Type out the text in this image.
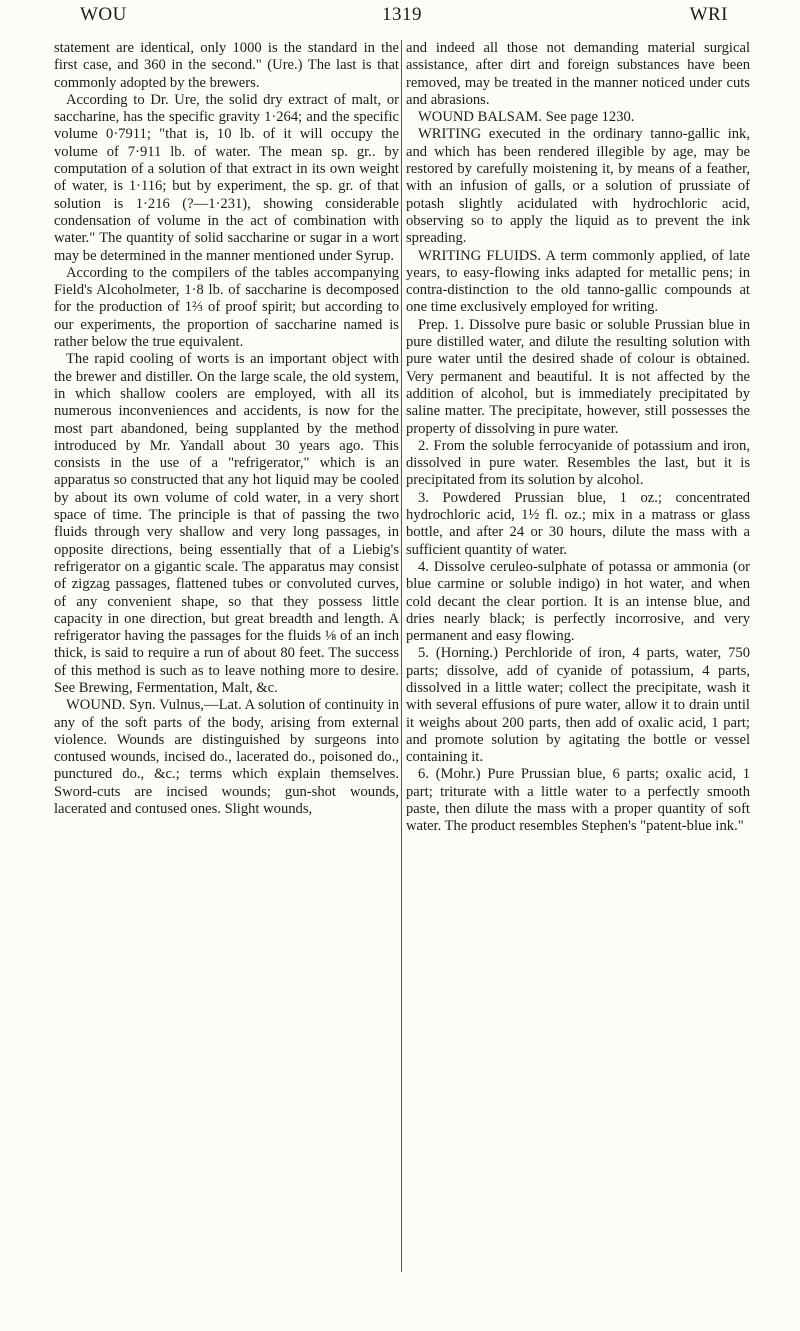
WOU	1319	WRI

statement are identical, only 1000 is the standard in the first case, and 360 in the second." (Ure.) The last is that commonly adopted by the brewers.

According to Dr. Ure, the solid dry extract of malt, or saccharine, has the specific gravity 1·264; and the specific volume 0·7911; "that is, 10 lb. of it will occupy the volume of 7·911 lb. of water. The mean sp. gr.. by computation of a solution of that extract in its own weight of water, is 1·116; but by experiment, the sp. gr. of that solution is 1·216 (?—1·231), showing considerable condensation of volume in the act of combination with water." The quantity of solid saccharine or sugar in a wort may be determined in the manner mentioned under Syrup.

According to the compilers of the tables accompanying Field's Alcoholmeter, 1·8 lb. of saccharine is decomposed for the production of 1⅔ of proof spirit; but according to our experiments, the proportion of saccharine named is rather below the true equivalent.

The rapid cooling of worts is an important object with the brewer and distiller. On the large scale, the old system, in which shallow coolers are employed, with all its numerous inconveniences and accidents, is now for the most part abandoned, being supplanted by the method introduced by Mr. Yandall about 30 years ago. This consists in the use of a "refrigerator," which is an apparatus so constructed that any hot liquid may be cooled by about its own volume of cold water, in a very short space of time. The principle is that of passing the two fluids through very shallow and very long passages, in opposite directions, being essentially that of a Liebig's refrigerator on a gigantic scale. The apparatus may consist of zigzag passages, flattened tubes or convoluted curves, of any convenient shape, so that they possess little capacity in one direction, but great breadth and length. A refrigerator having the passages for the fluids ⅛ of an inch thick, is said to require a run of about 80 feet. The success of this method is such as to leave nothing more to desire. See Brewing, Fermentation, Malt, &c.

WOUND. Syn. Vulnus,—Lat. A solution of continuity in any of the soft parts of the body, arising from external violence. Wounds are distinguished by surgeons into contused wounds, incised do., lacerated do., poisoned do., punctured do., &c.; terms which explain themselves. Sword-cuts are incised wounds; gun-shot wounds, lacerated and contused ones. Slight wounds,

and indeed all those not demanding material surgical assistance, after dirt and foreign substances have been removed, may be treated in the manner noticed under cuts and abrasions.

WOUND BALSAM. See page 1230.

WRITING executed in the ordinary tanno-gallic ink, and which has been rendered illegible by age, may be restored by carefully moistening it, by means of a feather, with an infusion of galls, or a solution of prussiate of potash slightly acidulated with hydrochloric acid, observing so to apply the liquid as to prevent the ink spreading.

WRITING FLUIDS. A term commonly applied, of late years, to easy-flowing inks adapted for metallic pens; in contra-distinction to the old tanno-gallic compounds at one time exclusively employed for writing.

Prep. 1. Dissolve pure basic or soluble Prussian blue in pure distilled water, and dilute the resulting solution with pure water until the desired shade of colour is obtained. Very permanent and beautiful. It is not affected by the addition of alcohol, but is immediately precipitated by saline matter. The precipitate, however, still possesses the property of dissolving in pure water.

2. From the soluble ferrocyanide of potassium and iron, dissolved in pure water. Resembles the last, but it is precipitated from its solution by alcohol.

3. Powdered Prussian blue, 1 oz.; concentrated hydrochloric acid, 1½ fl. oz.; mix in a matrass or glass bottle, and after 24 or 30 hours, dilute the mass with a sufficient quantity of water.

4. Dissolve ceruleo-sulphate of potassa or ammonia (or blue carmine or soluble indigo) in hot water, and when cold decant the clear portion. It is an intense blue, and dries nearly black; is perfectly incorrosive, and very permanent and easy flowing.

5. (Horning.) Perchloride of iron, 4 parts, water, 750 parts; dissolve, add of cyanide of potassium, 4 parts, dissolved in a little water; collect the precipitate, wash it with several effusions of pure water, allow it to drain until it weighs about 200 parts, then add of oxalic acid, 1 part; and promote solution by agitating the bottle or vessel containing it.

6. (Mohr.) Pure Prussian blue, 6 parts; oxalic acid, 1 part; triturate with a little water to a perfectly smooth paste, then dilute the mass with a proper quantity of soft water. The product resembles Stephen's "patent-blue ink."
